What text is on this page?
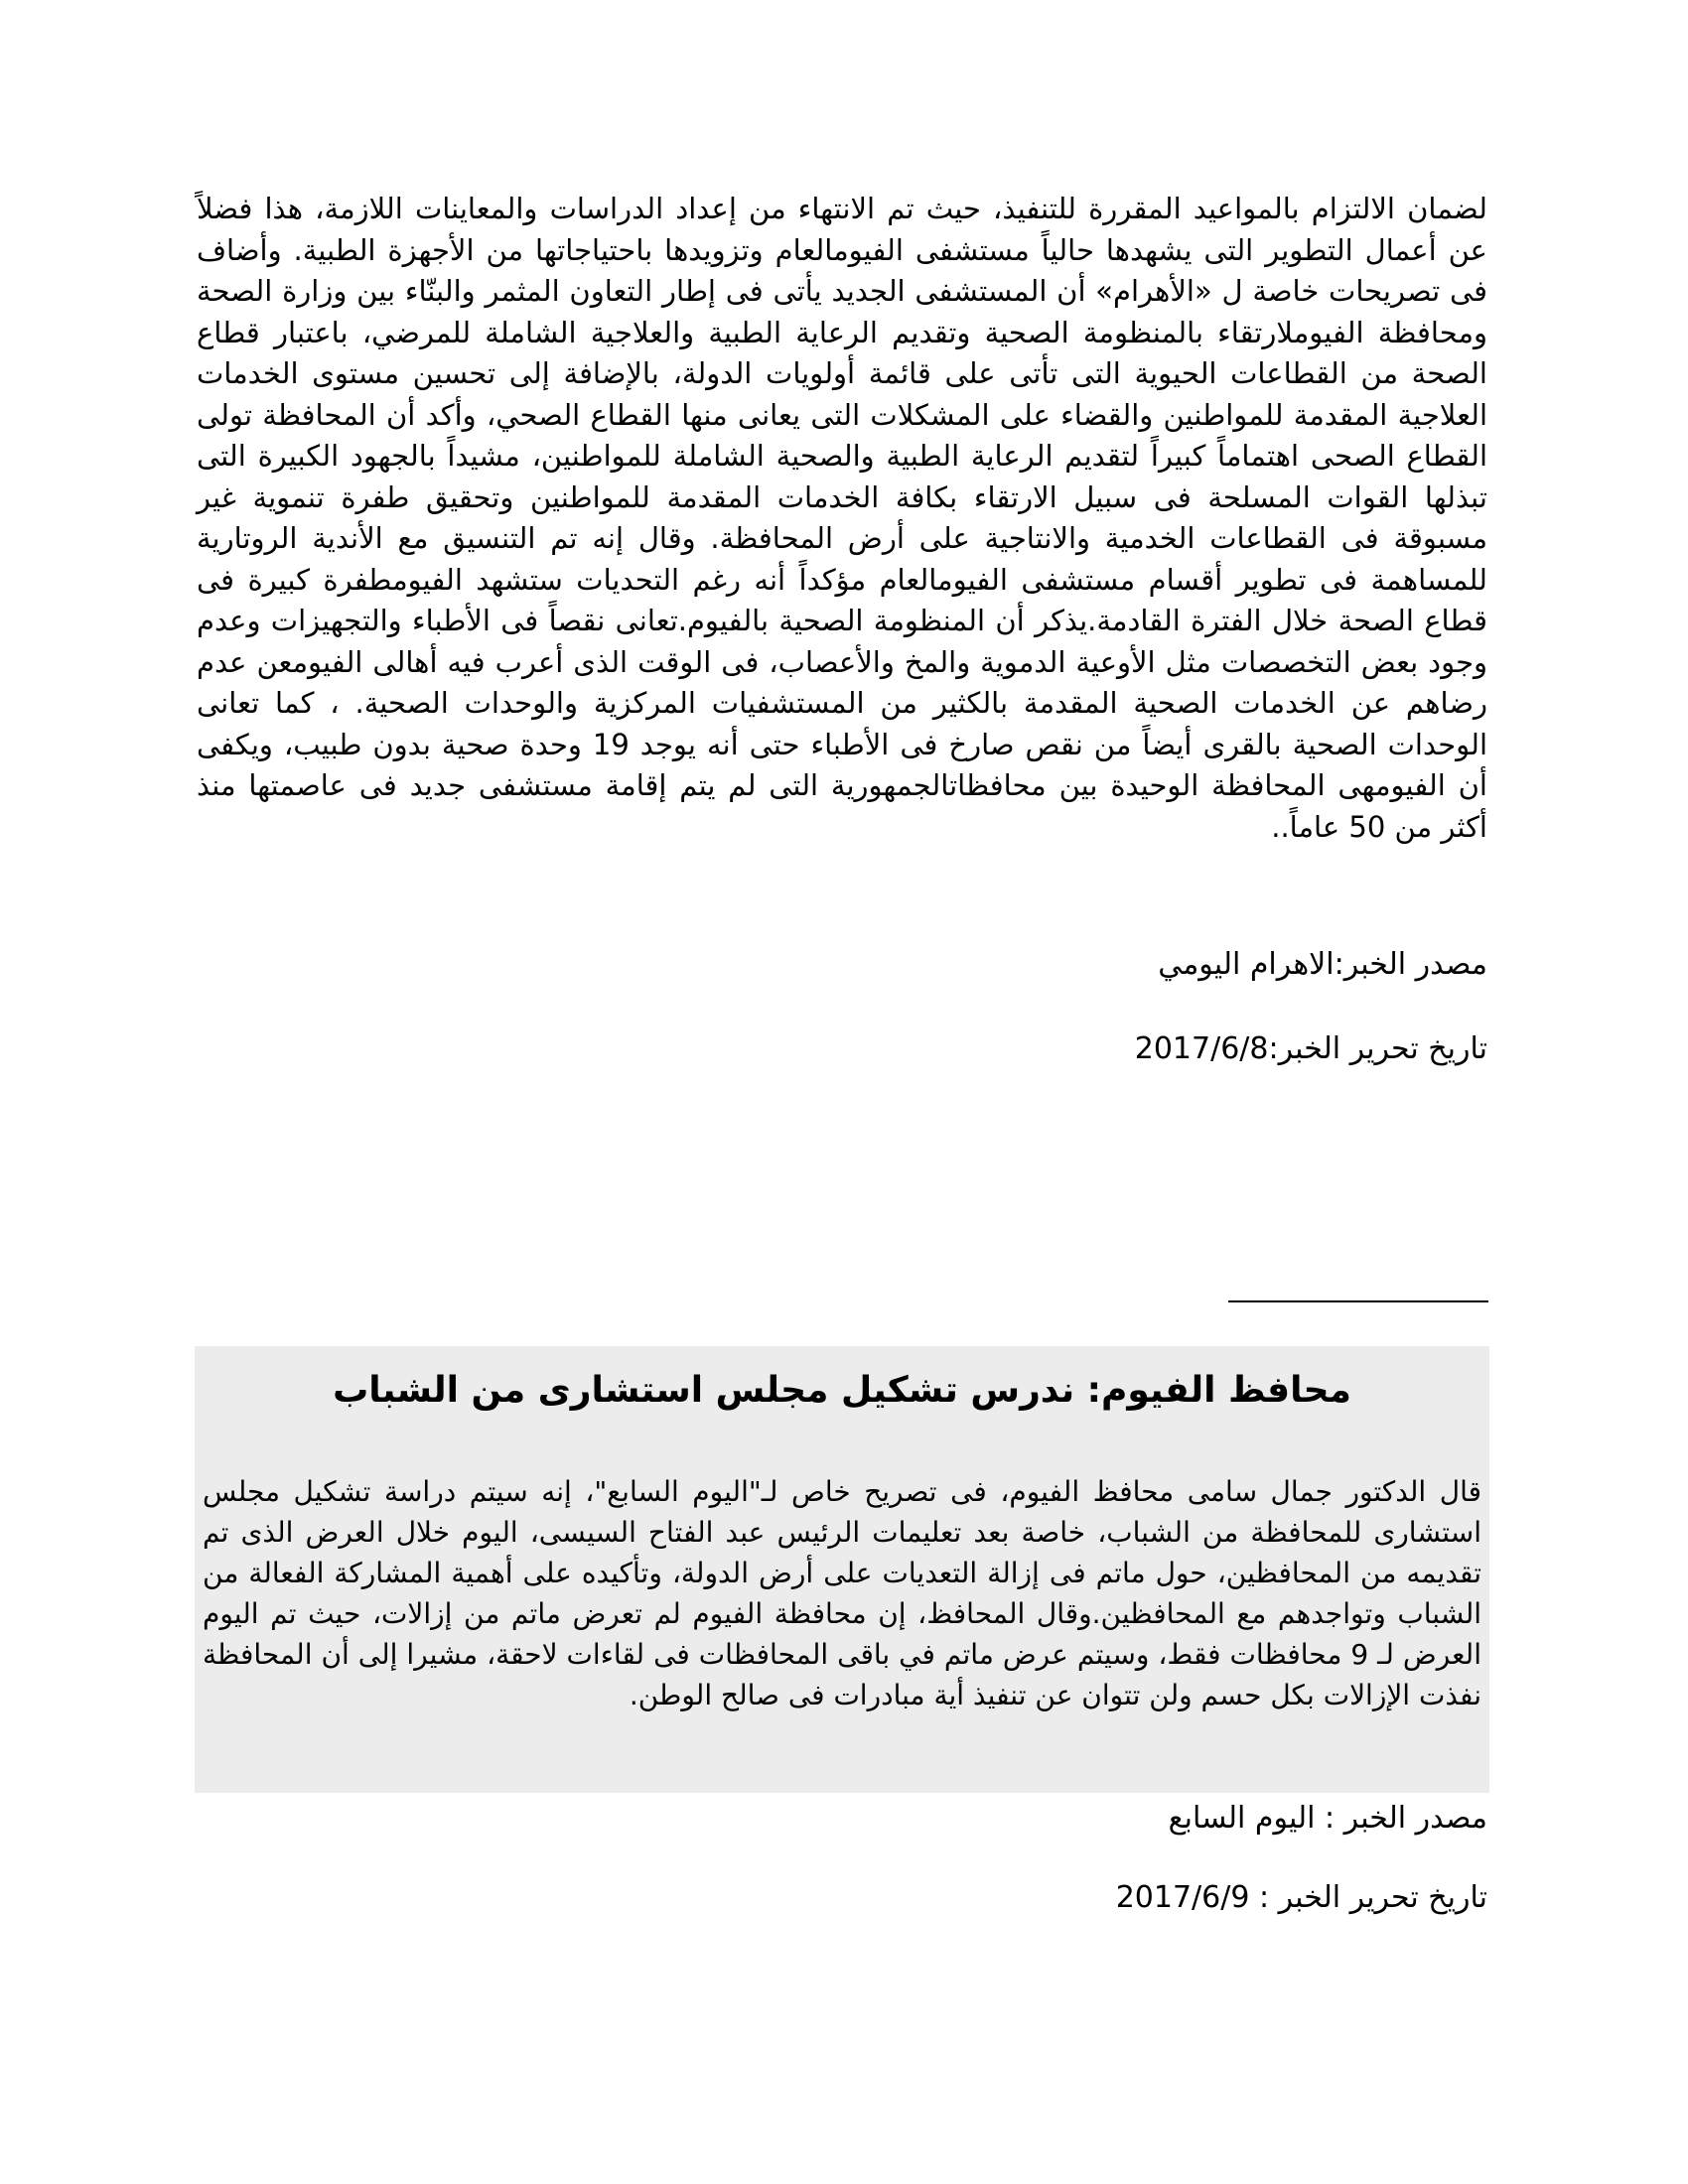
لضمان الالتزام بالمواعيد المقررة للتنفيذ، حيث تم الانتهاء من إعداد الدراسات والمعاينات اللازمة، هذا فضلاً عن أعمال التطوير التى يشهدها حالياً مستشفى الفيومالعام وتزويدها باحتياجاتها من الأجهزة الطبية. وأضاف فى تصريحات خاصة ل «الأهرام» أن المستشفى الجديد يأتى فى إطار التعاون المثمر والبنّاء بين وزارة الصحة ومحافظة الفيوملارتقاء بالمنظومة الصحية وتقديم الرعاية الطبية والعلاجية الشاملة للمرضي، باعتبار قطاع الصحة من القطاعات الحيوية التى تأتى على قائمة أولويات الدولة، بالإضافة إلى تحسين مستوى الخدمات العلاجية المقدمة للمواطنين والقضاء على المشكلات التى يعانى منها القطاع الصحي، وأكد أن المحافظة تولى القطاع الصحى اهتماماً كبيراً لتقديم الرعاية الطبية والصحية الشاملة للمواطنين، مشيداً بالجهود الكبيرة التى تبذلها القوات المسلحة فى سبيل الارتقاء بكافة الخدمات المقدمة للمواطنين وتحقيق طفرة تنموية غير مسبوقة فى القطاعات الخدمية والانتاجية على أرض المحافظة. وقال إنه تم التنسيق مع الأندية الروتارية للمساهمة فى تطوير أقسام مستشفى الفيومالعام مؤكداً أنه رغم التحديات ستشهد الفيومطفرة كبيرة فى قطاع الصحة خلال الفترة القادمة.يذكر أن المنظومة الصحية بالفيوم.تعانى نقصاً فى الأطباء والتجهيزات وعدم وجود بعض التخصصات مثل الأوعية الدموية والمخ والأعصاب، فى الوقت الذى أعرب فيه أهالى الفيومعن عدم رضاهم عن الخدمات الصحية المقدمة بالكثير من المستشفيات المركزية والوحدات الصحية. ، كما تعانى الوحدات الصحية بالقرى أيضاً من نقص صارخ فى الأطباء حتى أنه يوجد 19 وحدة صحية بدون طبيب، ويكفى أن الفيومهى المحافظة الوحيدة بين محافظاتالجمهورية التى لم يتم إقامة مستشفى جديد فى عاصمتها منذ أكثر من 50 عاماً..

مصدر الخبر:الاهرام اليومي
تاريخ تحرير الخبر:2017/6/8
محافظ الفيوم: ندرس تشكيل مجلس استشارى من الشباب

قال الدكتور جمال سامى محافظ الفيوم، فى تصريح خاص لـ"اليوم السابع"، إنه سيتم دراسة تشكيل مجلس استشارى للمحافظة من الشباب، خاصة بعد تعليمات الرئيس عبد الفتاح السيسى، اليوم خلال العرض الذى تم تقديمه من المحافظين، حول ماتم فى إزالة التعديات على أرض الدولة، وتأكيده على أهمية المشاركة الفعالة من الشباب وتواجدهم مع المحافظين.وقال المحافظ، إن محافظة الفيوم لم تعرض ماتم من إزالات، حيث تم اليوم العرض لـ 9 محافظات فقط، وسيتم عرض ماتم في باقى المحافظات فى لقاءات لاحقة، مشيرا إلى أن المحافظة نفذت الإزالات بكل حسم ولن تتوان عن تنفيذ أية مبادرات فى صالح الوطن.

مصدر الخبر : اليوم السابع
تاريخ تحرير الخبر : 2017/6/9
